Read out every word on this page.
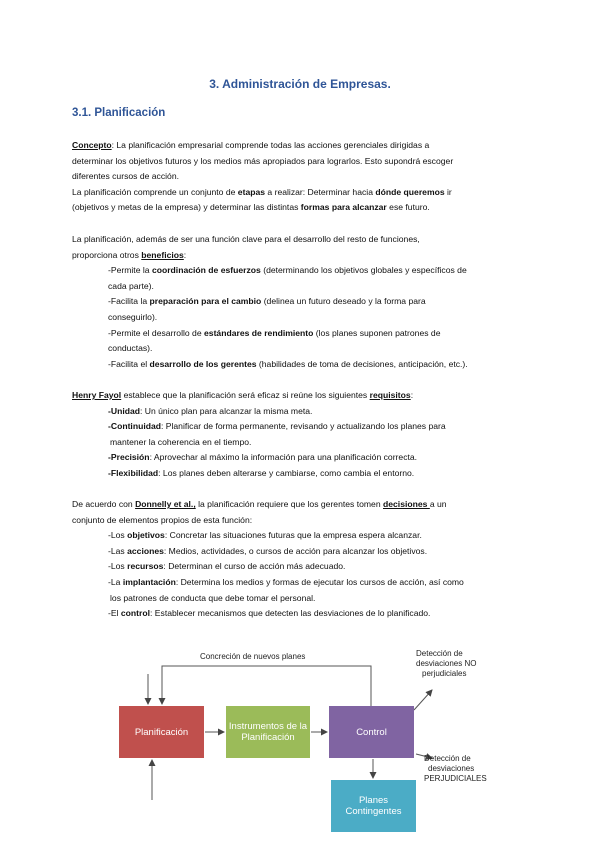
3. Administración de Empresas.
3.1. Planificación

Concepto: La planificación empresarial comprende todas las acciones gerenciales dirigidas a

determinar los objetivos futuros y los medios más apropiados para lograrlos. Esto supondrá escoger

diferentes cursos de acción.

La planificación comprende un conjunto de etapas a realizar: Determinar hacia dónde queremos ir

(objetivos y metas de la empresa) y determinar las distintas formas para alcanzar ese futuro.

La planificación, además de ser una función clave para el desarrollo del resto de funciones,

proporciona otros beneficios:

-Permite la coordinación de esfuerzos (determinando los objetivos globales y específicos de

cada parte).

-Facilita la preparación para el cambio (delinea un futuro deseado y la forma para

conseguirlo).

-Permite el desarrollo de estándares de rendimiento (los planes suponen patrones de

conductas).

-Facilita el desarrollo de los gerentes (habilidades de toma de decisiones, anticipación, etc.).

Henry Fayol establece que la planificación será eficaz si reúne los siguientes requisitos:

-Unidad: Un único plan para alcanzar la misma meta.

-Continuidad: Planificar de forma permanente, revisando y actualizando los planes para

mantener la coherencia en el tiempo.

-Precisión: Aprovechar al máximo la información para una planificación correcta.

-Flexibilidad: Los planes deben alterarse y cambiarse, como cambia el entorno.

De acuerdo con Donnelly et al., la planificación requiere que los gerentes tomen decisiones a un

conjunto de elementos propios de esta función:

-Los objetivos: Concretar las situaciones futuras que la empresa espera alcanzar.

-Las acciones: Medios, actividades, o cursos de acción para alcanzar los objetivos.

-Los recursos: Determinan el curso de acción más adecuado.

-La implantación: Determina los medios y formas de ejecutar los cursos de acción, así como

los patrones de conducta que debe tomar el personal.

-El control: Establecer mecanismos que detecten las desviaciones de lo planificado.

Concreción de nuevos planes
Planificación	Instrumentos de la Planificación	Control
Planes Contingentes
Detección de
desviaciones NO
perjudiciales
Detección de
desviaciones
PERJUDICIALES
